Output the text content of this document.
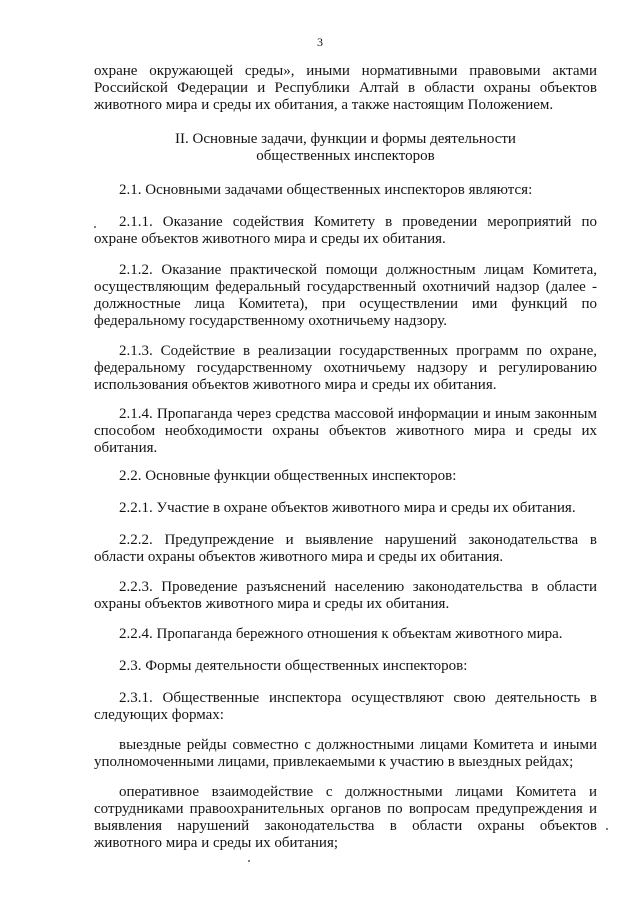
3

охране окружающей среды», иными нормативными правовыми актами Российской Федерации и Республики Алтай в области охраны объектов животного мира и среды их обитания, а также настоящим Положением.

II. Основные задачи, функции и формы деятельности

общественных инспекторов

2.1. Основными задачами общественных инспекторов являются:

2.1.1. Оказание содействия Комитету в проведении мероприятий по охране объектов животного мира и среды их обитания.

2.1.2. Оказание практической помощи должностным лицам Комитета, осуществляющим федеральный государственный охотничий надзор (далее - должностные лица Комитета), при осуществлении ими функций по федеральному государственному охотничьему надзору.

2.1.3. Содействие в реализации государственных программ по охране, федеральному государственному охотничьему надзору и регулированию использования объектов животного мира и среды их обитания.

2.1.4. Пропаганда через средства массовой информации и иным законным способом необходимости охраны объектов животного мира и среды их обитания.

2.2. Основные функции общественных инспекторов:

2.2.1. Участие в охране объектов животного мира и среды их обитания.

2.2.2. Предупреждение и выявление нарушений законодательства в области охраны объектов животного мира и среды их обитания.

2.2.3. Проведение разъяснений населению законодательства в области охраны объектов животного мира и среды их обитания.

2.2.4. Пропаганда бережного отношения к объектам животного мира.

2.3. Формы деятельности общественных инспекторов:

2.3.1. Общественные инспектора осуществляют свою деятельность в следующих формах:

выездные рейды совместно с должностными лицами Комитета и иными уполномоченными лицами, привлекаемыми к участию в выездных рейдах;

оперативное взаимодействие с должностными лицами Комитета и сотрудниками правоохранительных органов по вопросам предупреждения и выявления нарушений законодательства в области охраны объектов животного мира и среды их обитания;
